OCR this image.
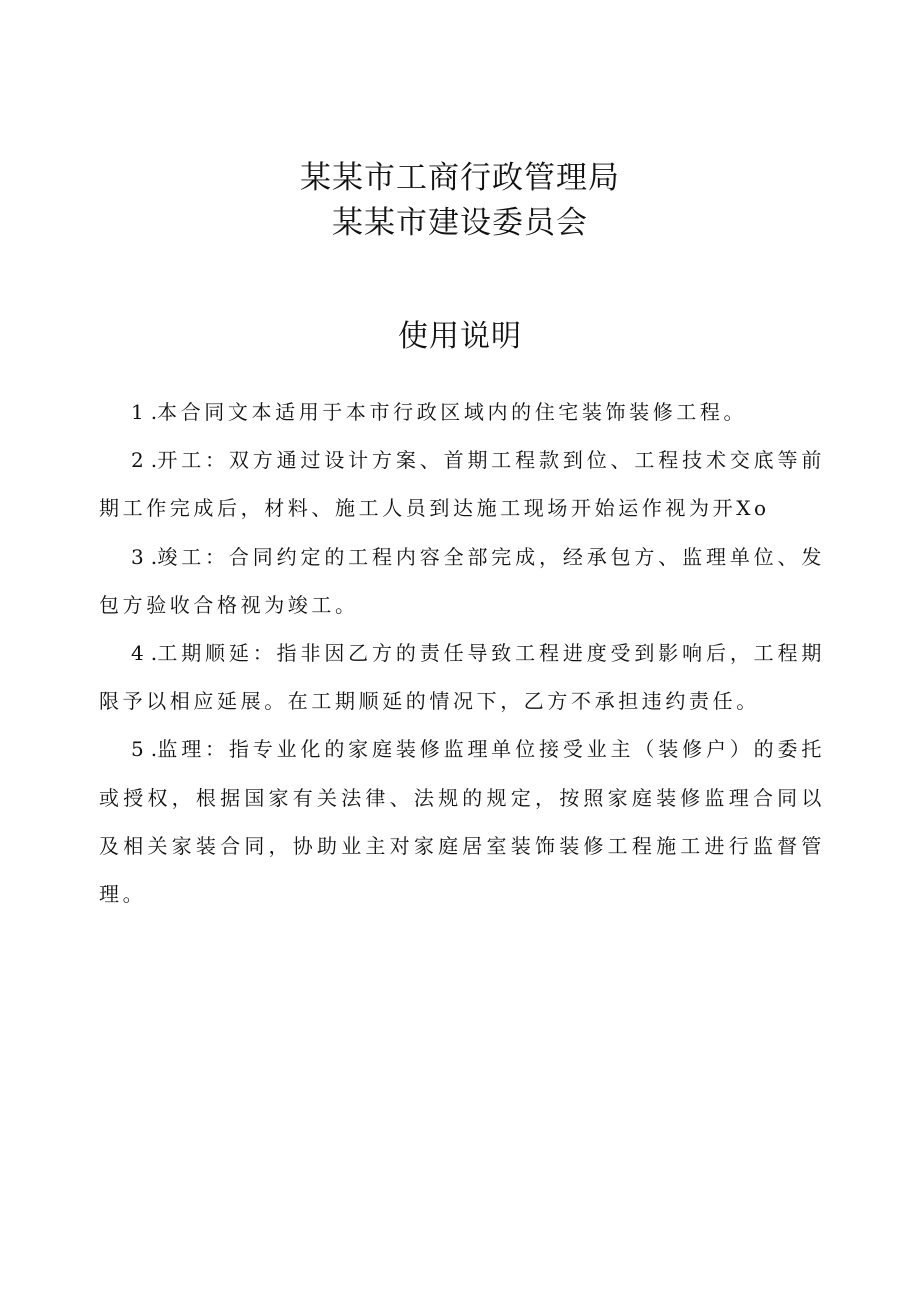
某某市工商行政管理局
某某市建设委员会
使用说明

1 .本合同文本适用于本市行政区域内的住宅装饰装修工程。

2 .开工：双方通过设计方案、首期工程款到位、工程技术交底等前期工作完成后，材料、施工人员到达施工现场开始运作视为开Xo

3 .竣工：合同约定的工程内容全部完成，经承包方、监理单位、发包方验收合格视为竣工。

4 .工期顺延：指非因乙方的责任导致工程进度受到影响后，工程期限予以相应延展。在工期顺延的情况下，乙方不承担违约责任。

5 .监理：指专业化的家庭装修监理单位接受业主（装修户）的委托或授权，根据国家有关法律、法规的规定，按照家庭装修监理合同以及相关家装合同，协助业主对家庭居室装饰装修工程施工进行监督管理。
